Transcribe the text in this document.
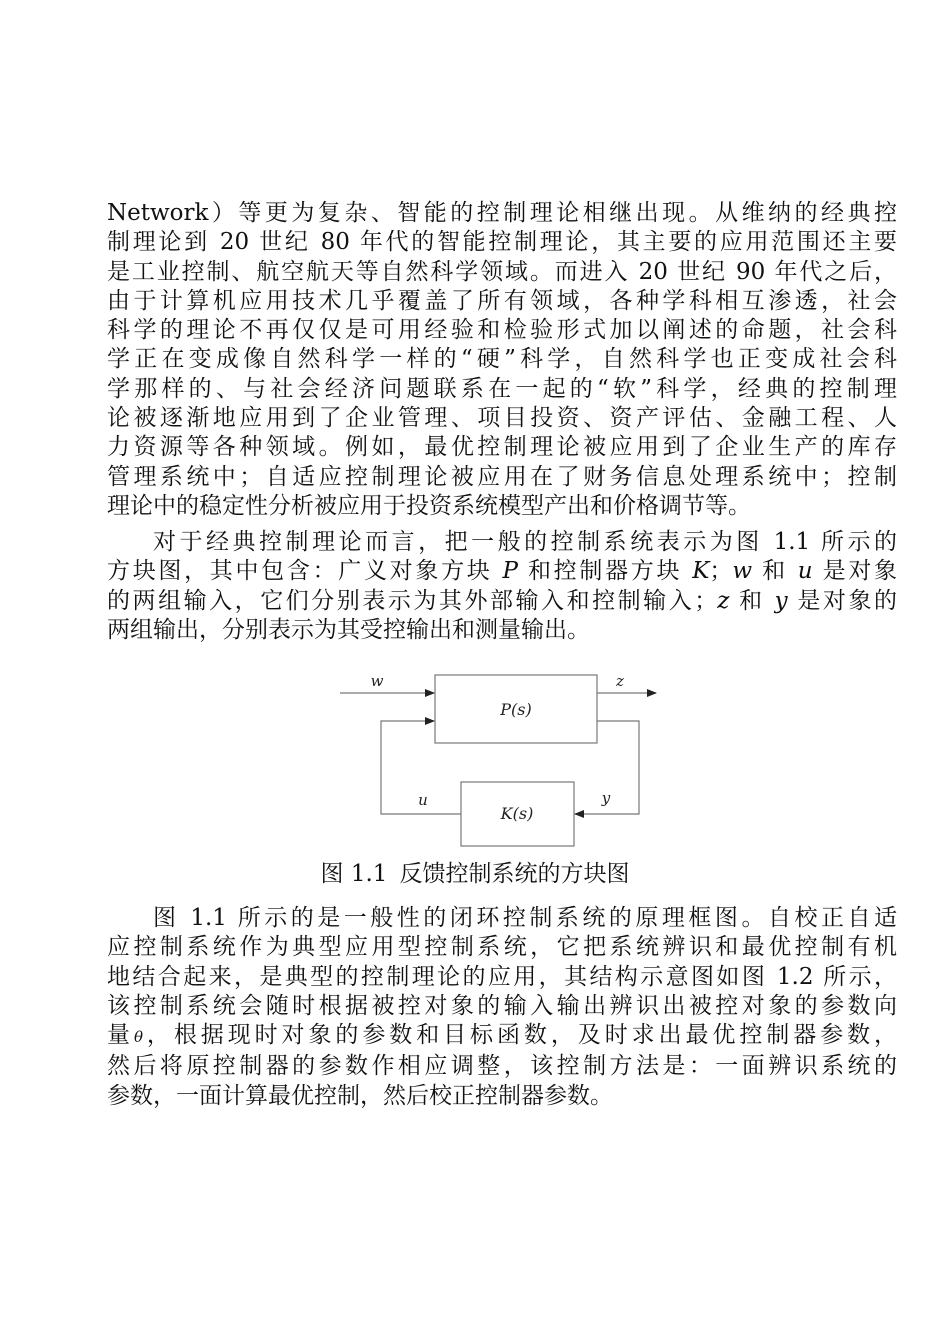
Network）等更为复杂、智能的控制理论相继出现。从维纳的经典控
制理论到 20 世纪 80 年代的智能控制理论，其主要的应用范围还主要
是工业控制、航空航天等自然科学领域。而进入 20 世纪 90 年代之后，
由于计算机应用技术几乎覆盖了所有领域，各种学科相互渗透，社会
科学的理论不再仅仅是可用经验和检验形式加以阐述的命题，社会科
学正在变成像自然科学一样的“硬”科学，自然科学也正变成社会科
学那样的、与社会经济问题联系在一起的“软”科学，经典的控制理
论被逐渐地应用到了企业管理、项目投资、资产评估、金融工程、人
力资源等各种领域。例如，最优控制理论被应用到了企业生产的库存
管理系统中；自适应控制理论被应用在了财务信息处理系统中；控制
理论中的稳定性分析被应用于投资系统模型产出和价格调节等。
对于经典控制理论而言，把一般的控制系统表示为图 1.1 所示的
方块图，其中包含：广义对象方块 P 和控制器方块 K；w 和 u 是对象
的两组输入，它们分别表示为其外部输入和控制输入；z 和 y 是对象的
两组输出，分别表示为其受控输出和测量输出。
P(s)
K(s)
w	z
y
u
图 1.1 反馈控制系统的方块图
图 1.1 所示的是一般性的闭环控制系统的原理框图。自校正自适
应控制系统作为典型应用型控制系统，它把系统辨识和最优控制有机
地结合起来，是典型的控制理论的应用，其结构示意图如图 1.2 所示，
该控制系统会随时根据被控对象的输入输出辨识出被控对象的参数向
量θ，根据现时对象的参数和目标函数，及时求出最优控制器参数，
然后将原控制器的参数作相应调整，该控制方法是：一面辨识系统的
参数，一面计算最优控制，然后校正控制器参数。
